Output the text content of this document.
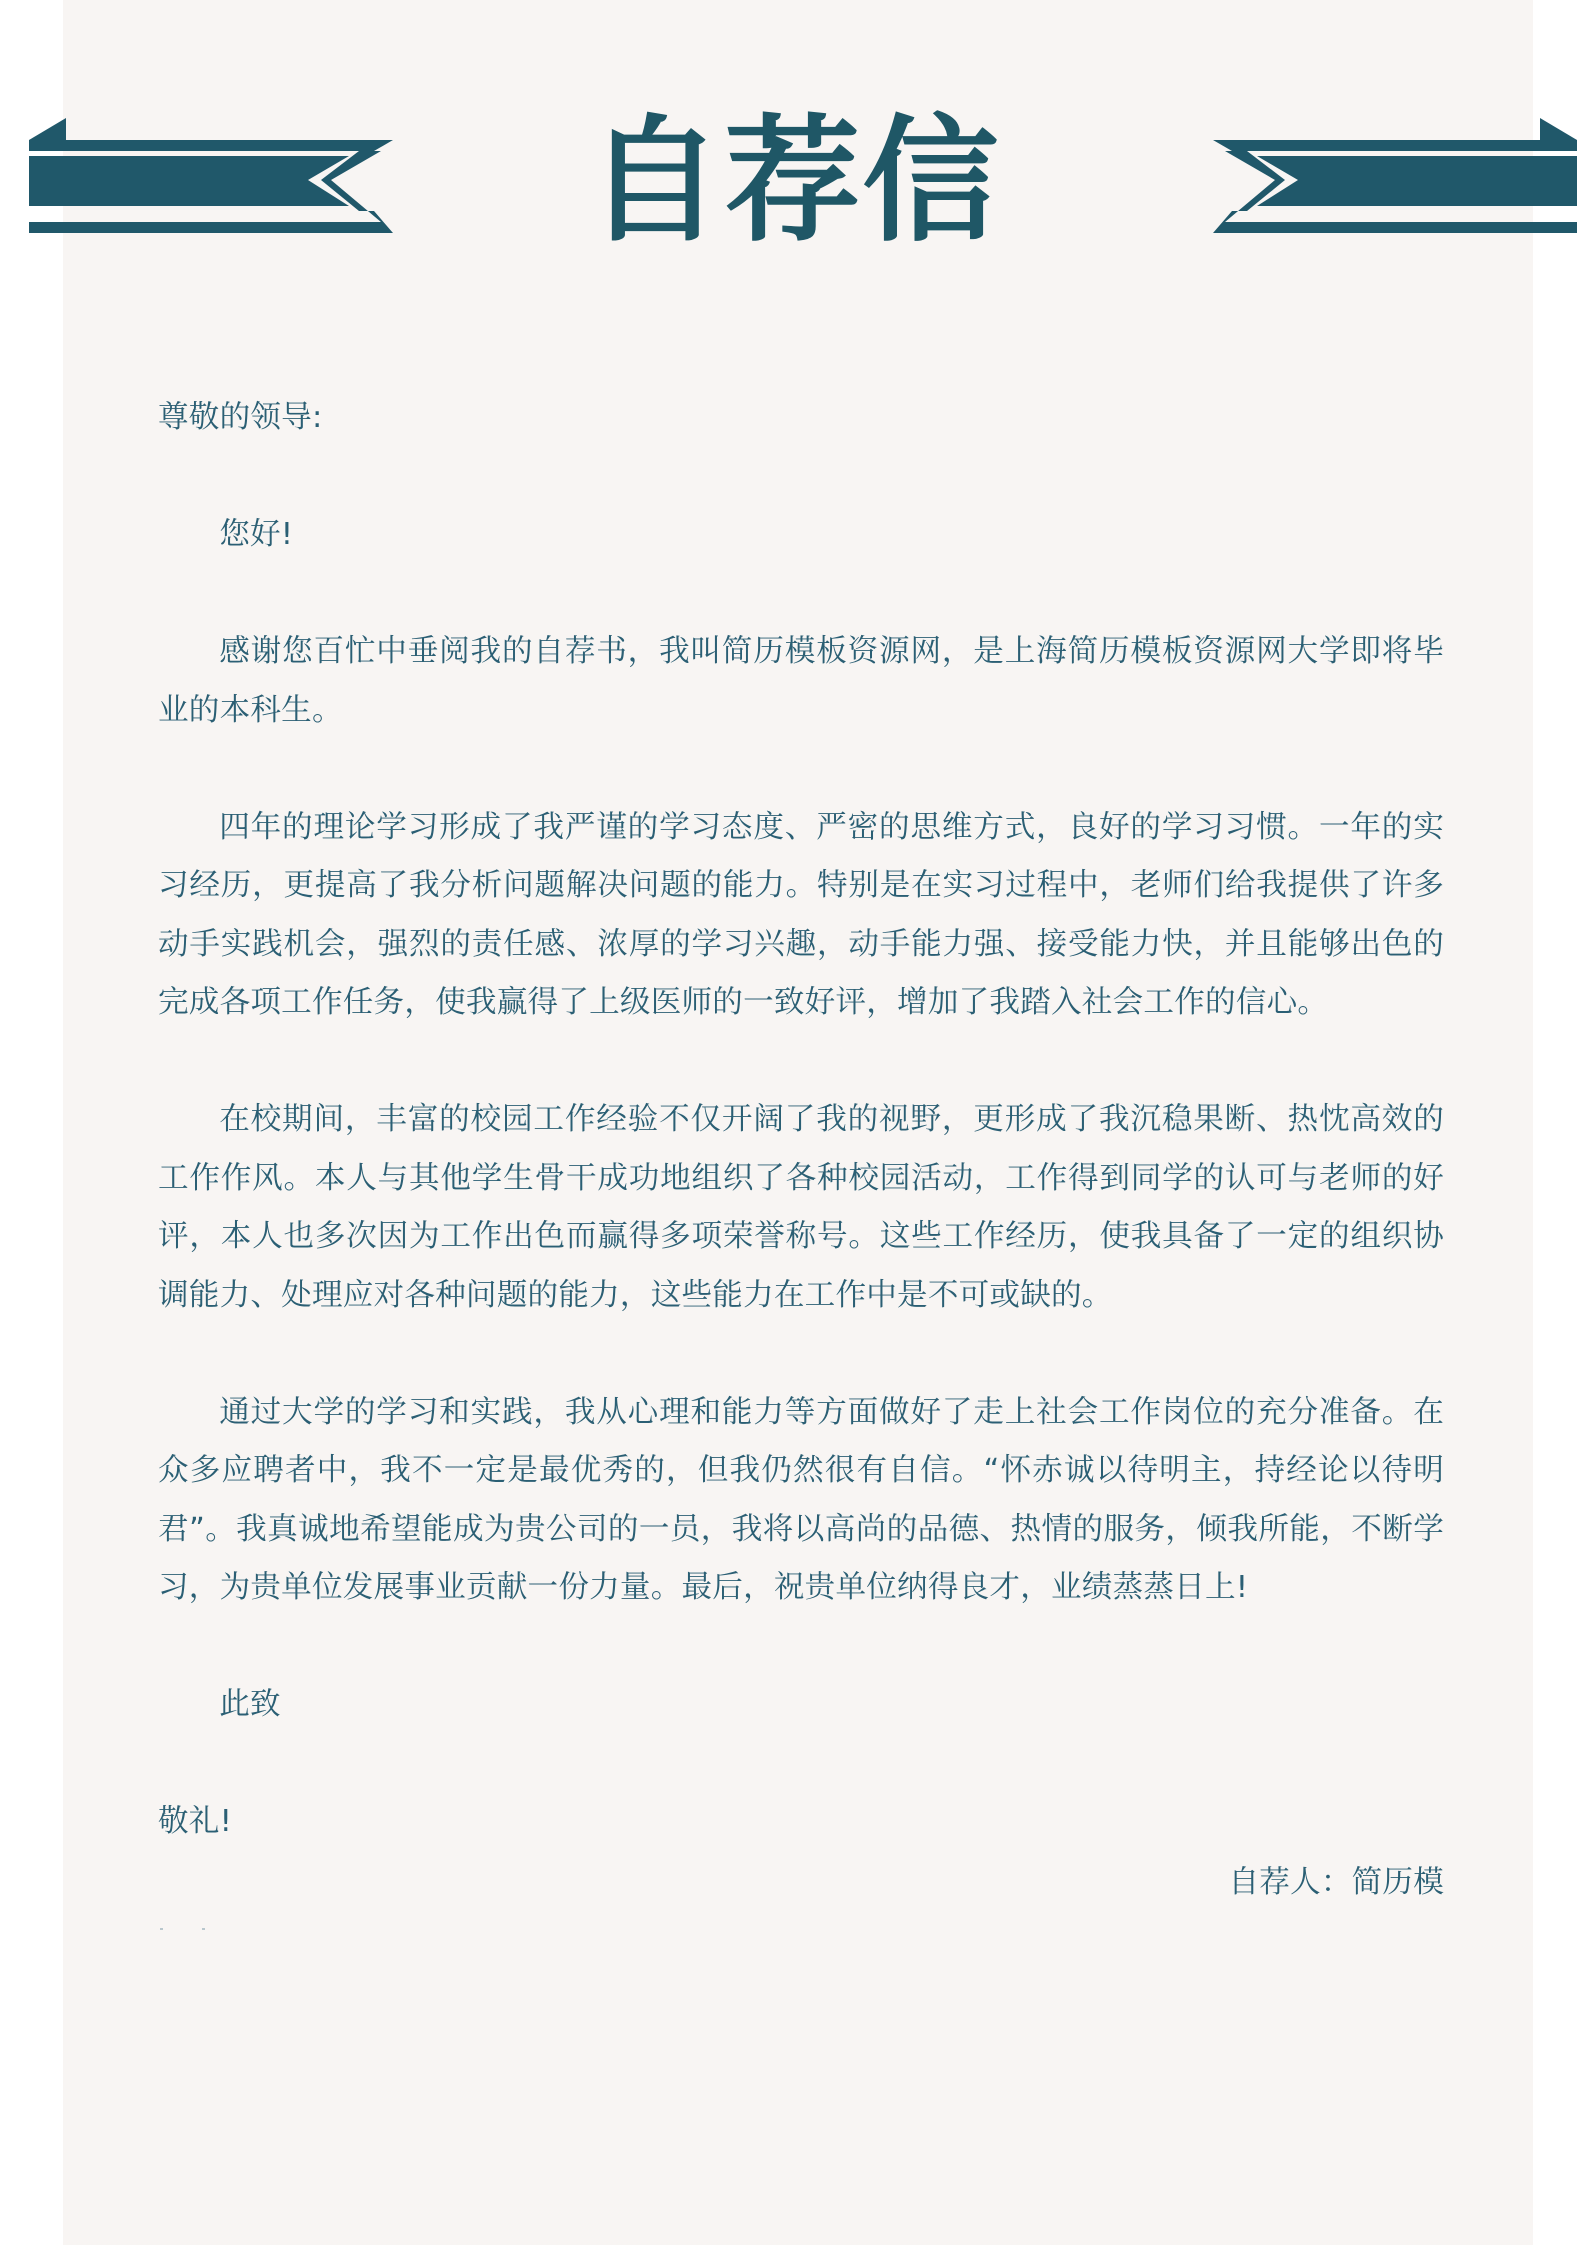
自荐信

尊敬的领导:

您好!

感谢您百忙中垂阅我的自荐书，我叫简历模板资源网，是上海简历模板资源网大学即将毕业的本科生。

四年的理论学习形成了我严谨的学习态度、严密的思维方式，良好的学习习惯。一年的实习经历，更提高了我分析问题解决问题的能力。特别是在实习过程中，老师们给我提供了许多动手实践机会，强烈的责任感、浓厚的学习兴趣，动手能力强、接受能力快，并且能够出色的完成各项工作任务，使我赢得了上级医师的一致好评，增加了我踏入社会工作的信心。

在校期间，丰富的校园工作经验不仅开阔了我的视野，更形成了我沉稳果断、热忱高效的工作作风。本人与其他学生骨干成功地组织了各种校园活动，工作得到同学的认可与老师的好评，本人也多次因为工作出色而赢得多项荣誉称号。这些工作经历，使我具备了一定的组织协调能力、处理应对各种问题的能力，这些能力在工作中是不可或缺的。

通过大学的学习和实践，我从心理和能力等方面做好了走上社会工作岗位的充分准备。在众多应聘者中，我不一定是最优秀的，但我仍然很有自信。“怀赤诚以待明主，持经论以待明君”。我真诚地希望能成为贵公司的一员，我将以高尚的品德、热情的服务，倾我所能，不断学习，为贵单位发展事业贡献一份力量。最后，祝贵单位纳得良才，业绩蒸蒸日上!

此致

敬礼!

自荐人：简历模
